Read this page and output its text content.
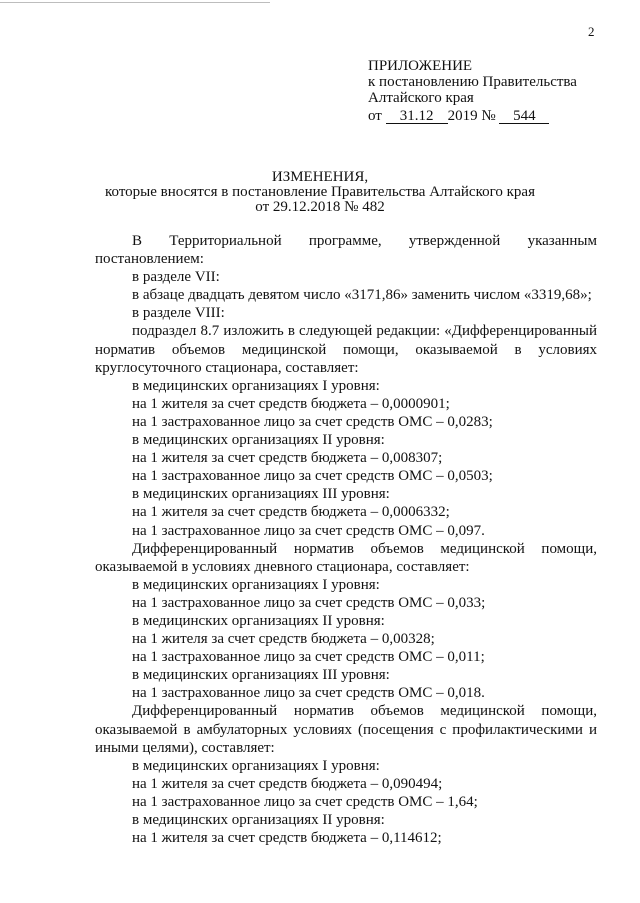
2
ПРИЛОЖЕНИЕ
к постановлению Правительства
Алтайского края
от 31.12 2019 № 544
ИЗМЕНЕНИЯ,
которые вносятся в постановление Правительства Алтайского края
от 29.12.2018 № 482

В Территориальной программе, утвержденной указанным постановлением:

в разделе VII:

в абзаце двадцать девятом число «3171,86» заменить числом «3319,68»;

в разделе VIII:

подраздел 8.7 изложить в следующей редакции: «Дифференцированный норматив объемов медицинской помощи, оказываемой в условиях круглосуточного стационара, составляет:

в медицинских организациях I уровня:

на 1 жителя за счет средств бюджета – 0,0000901;

на 1 застрахованное лицо за счет средств ОМС – 0,0283;

в медицинских организациях II уровня:

на 1 жителя за счет средств бюджета – 0,008307;

на 1 застрахованное лицо за счет средств ОМС – 0,0503;

в медицинских организациях III уровня:

на 1 жителя за счет средств бюджета – 0,0006332;

на 1 застрахованное лицо за счет средств ОМС – 0,097.

Дифференцированный норматив объемов медицинской помощи, оказываемой в условиях дневного стационара, составляет:

в медицинских организациях I уровня:

на 1 застрахованное лицо за счет средств ОМС – 0,033;

в медицинских организациях II уровня:

на 1 жителя за счет средств бюджета – 0,00328;

на 1 застрахованное лицо за счет средств ОМС – 0,011;

в медицинских организациях III уровня:

на 1 застрахованное лицо за счет средств ОМС – 0,018.

Дифференцированный норматив объемов медицинской помощи, оказываемой в амбулаторных условиях (посещения с профилактическими и иными целями), составляет:

в медицинских организациях I уровня:

на 1 жителя за счет средств бюджета – 0,090494;

на 1 застрахованное лицо за счет средств ОМС – 1,64;

в медицинских организациях II уровня:

на 1 жителя за счет средств бюджета – 0,114612;
